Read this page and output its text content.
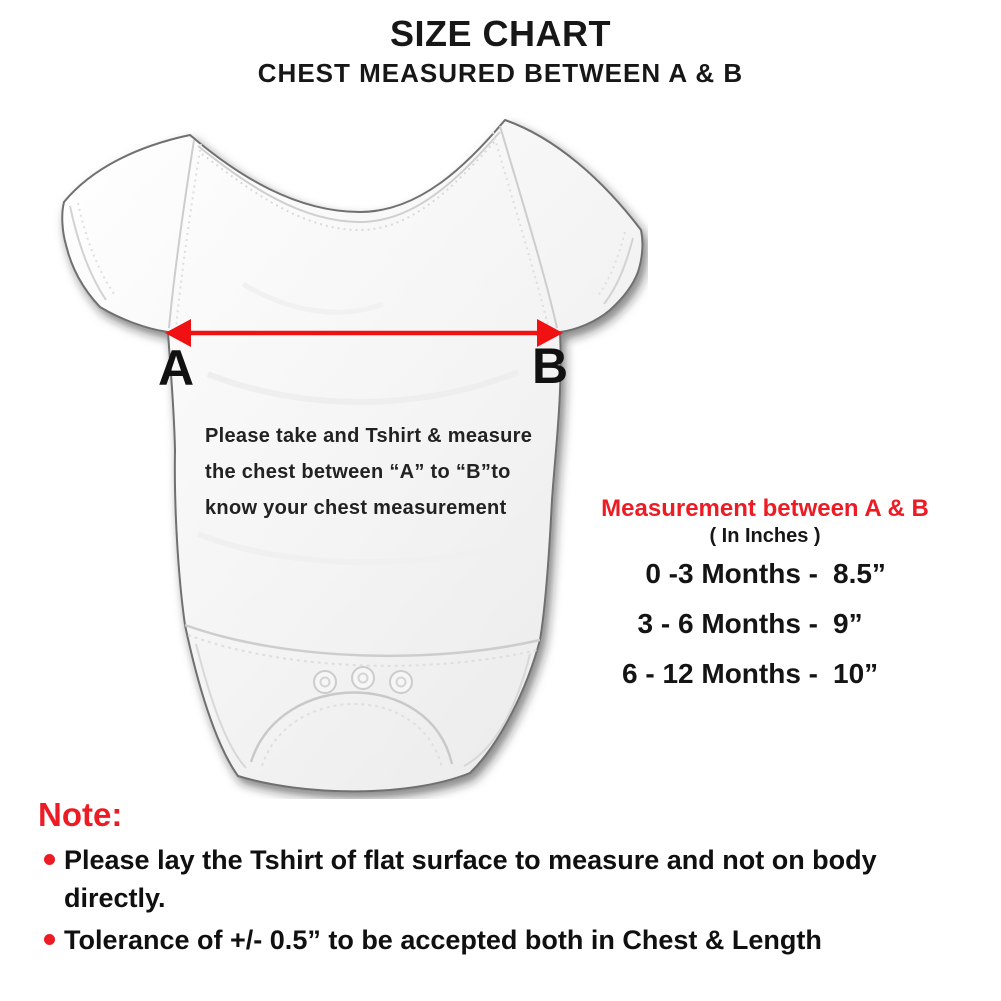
SIZE CHART
CHEST MEASURED BETWEEN A & B
A	B
Please take and Tshirt & measure
the chest between “A” to “B”to
know your chest measurement	Measurement between A & B
( In Inches )
0 -3 Months - 8.5”
3 - 6 Months - 9”
6 - 12 Months - 10”
Note:
Please lay the Tshirt of flat surface to measure and not on body directly.
Tolerance of +/- 0.5” to be accepted both in Chest & Length
